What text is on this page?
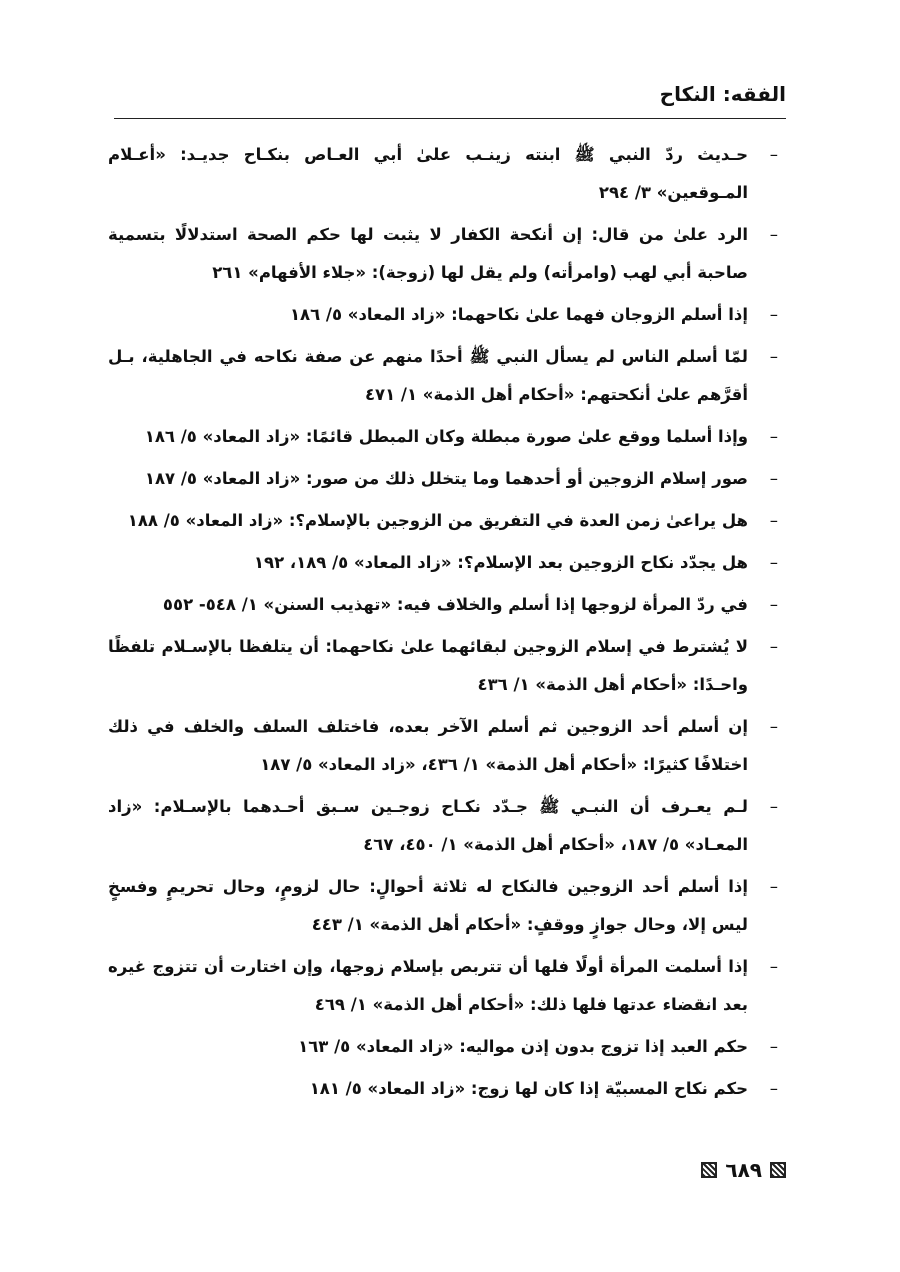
الفقه: النكاح
–
حـديث ردّ النبي ﷺ ابنته زينـب علىٰ أبي العـاص بنكـاح جديـد: «أعـلام المـوقعين» ٣/ ٢٩٤
–
الرد علىٰ من قال: إن أنكحة الكفار لا يثبت لها حكم الصحة استدلالًا بتسمية صاحبة أبي لهب (وامرأته) ولم يقل لها (زوجة): «جلاء الأفهام» ٢٦١
–
إذا أسلم الزوجان فهما علىٰ نكاحهما: «زاد المعاد» ٥/ ١٨٦
–
لمّا أسلم الناس لم يسأل النبي ﷺ أحدًا منهم عن صفة نكاحه في الجاهلية، بـل أقرَّهم علىٰ أنكحتهم: «أحكام أهل الذمة» ١/ ٤٧١
–
وإذا أسلما ووقع علىٰ صورة مبطلة وكان المبطل قائمًا: «زاد المعاد» ٥/ ١٨٦
–
صور إسلام الزوجين أو أحدهما وما يتخلل ذلك من صور: «زاد المعاد» ٥/ ١٨٧
–
هل يراعىٰ زمن العدة في التفريق من الزوجين بالإسلام؟: «زاد المعاد» ٥/ ١٨٨
–
هل يجدّد نكاح الزوجين بعد الإسلام؟: «زاد المعاد» ٥/ ١٨٩، ١٩٢
–
في ردّ المرأة لزوجها إذا أسلم والخلاف فيه: «تهذيب السنن» ١/ ٥٤٨- ٥٥٢
–
لا يُشترط في إسلام الزوجين لبقائهما علىٰ نكاحهما: أن يتلفظا بالإسـلام تلفظًا واحـدًا: «أحكام أهل الذمة» ١/ ٤٣٦
–
إن أسلم أحد الزوجين ثم أسلم الآخر بعده، فاختلف السلف والخلف في ذلك اختلافًا كثيرًا: «أحكام أهل الذمة» ١/ ٤٣٦، «زاد المعاد» ٥/ ١٨٧
–
لـم يعـرف أن النبـي ﷺ جـدّد نكـاح زوجـين سـبق أحـدهما بالإسـلام: «زاد المعـاد» ٥/ ١٨٧، «أحكام أهل الذمة» ١/ ٤٥٠، ٤٦٧
–
إذا أسلم أحد الزوجين فالنكاح له ثلاثة أحوالٍ: حال لزومٍ، وحال تحريمٍ وفسخٍ ليس إلا، وحال جوازٍ ووقفٍ: «أحكام أهل الذمة» ١/ ٤٤٣
–
إذا أسلمت المرأة أولًا فلها أن تتربص بإسلام زوجها، وإن اختارت أن تتزوج غيره بعد انقضاء عدتها فلها ذلك: «أحكام أهل الذمة» ١/ ٤٦٩
–
حكم العبد إذا تزوج بدون إذن مواليه: «زاد المعاد» ٥/ ١٦٣
–
حكم نكاح المسبيّة إذا كان لها زوج: «زاد المعاد» ٥/ ١٨١
٦٨٩
